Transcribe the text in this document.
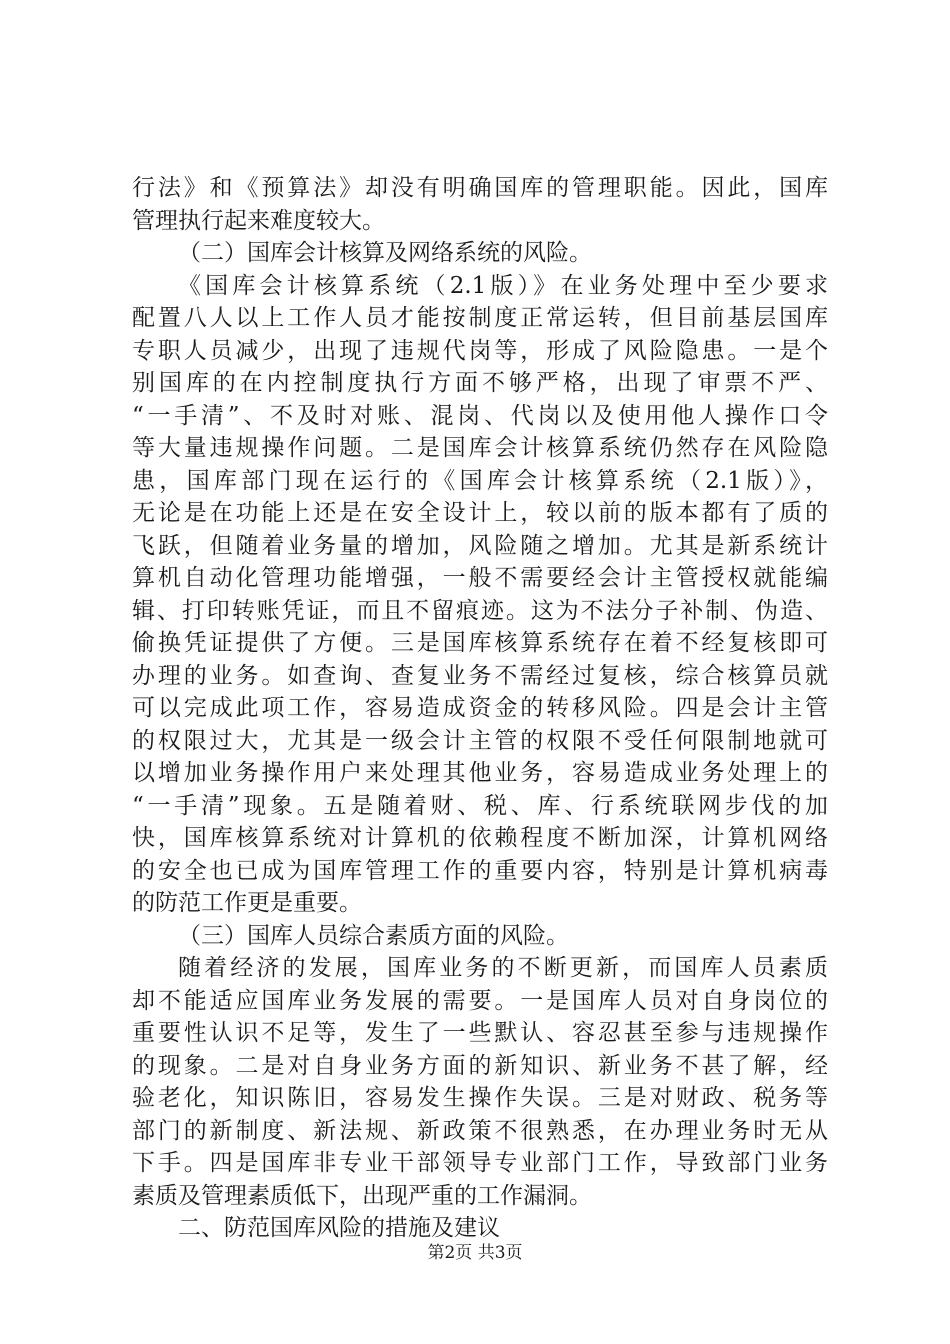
行法》和《预算法》却没有明确国库的管理职能。因此，国库
管理执行起来难度较大。
（二）国库会计核算及网络系统的风险。
《国库会计核算系统（2.1版）》在业务处理中至少要求
配置八人以上工作人员才能按制度正常运转，但目前基层国库
专职人员减少，出现了违规代岗等，形成了风险隐患。一是个
别国库的在内控制度执行方面不够严格，出现了审票不严、
“一手清”、不及时对账、混岗、代岗以及使用他人操作口令
等大量违规操作问题。二是国库会计核算系统仍然存在风险隐
患，国库部门现在运行的《国库会计核算系统（2.1版）》，
无论是在功能上还是在安全设计上，较以前的版本都有了质的
飞跃，但随着业务量的增加，风险随之增加。尤其是新系统计
算机自动化管理功能增强，一般不需要经会计主管授权就能编
辑、打印转账凭证，而且不留痕迹。这为不法分子补制、伪造、
偷换凭证提供了方便。三是国库核算系统存在着不经复核即可
办理的业务。如查询、查复业务不需经过复核，综合核算员就
可以完成此项工作，容易造成资金的转移风险。四是会计主管
的权限过大，尤其是一级会计主管的权限不受任何限制地就可
以增加业务操作用户来处理其他业务，容易造成业务处理上的
“一手清”现象。五是随着财、税、库、行系统联网步伐的加
快，国库核算系统对计算机的依赖程度不断加深，计算机网络
的安全也已成为国库管理工作的重要内容，特别是计算机病毒
的防范工作更是重要。
（三）国库人员综合素质方面的风险。
随着经济的发展，国库业务的不断更新，而国库人员素质
却不能适应国库业务发展的需要。一是国库人员对自身岗位的
重要性认识不足等，发生了一些默认、容忍甚至参与违规操作
的现象。二是对自身业务方面的新知识、新业务不甚了解，经
验老化，知识陈旧，容易发生操作失误。三是对财政、税务等
部门的新制度、新法规、新政策不很熟悉，在办理业务时无从
下手。四是国库非专业干部领导专业部门工作，导致部门业务
素质及管理素质低下，出现严重的工作漏洞。
二、防范国库风险的措施及建议
第2页 共3页
